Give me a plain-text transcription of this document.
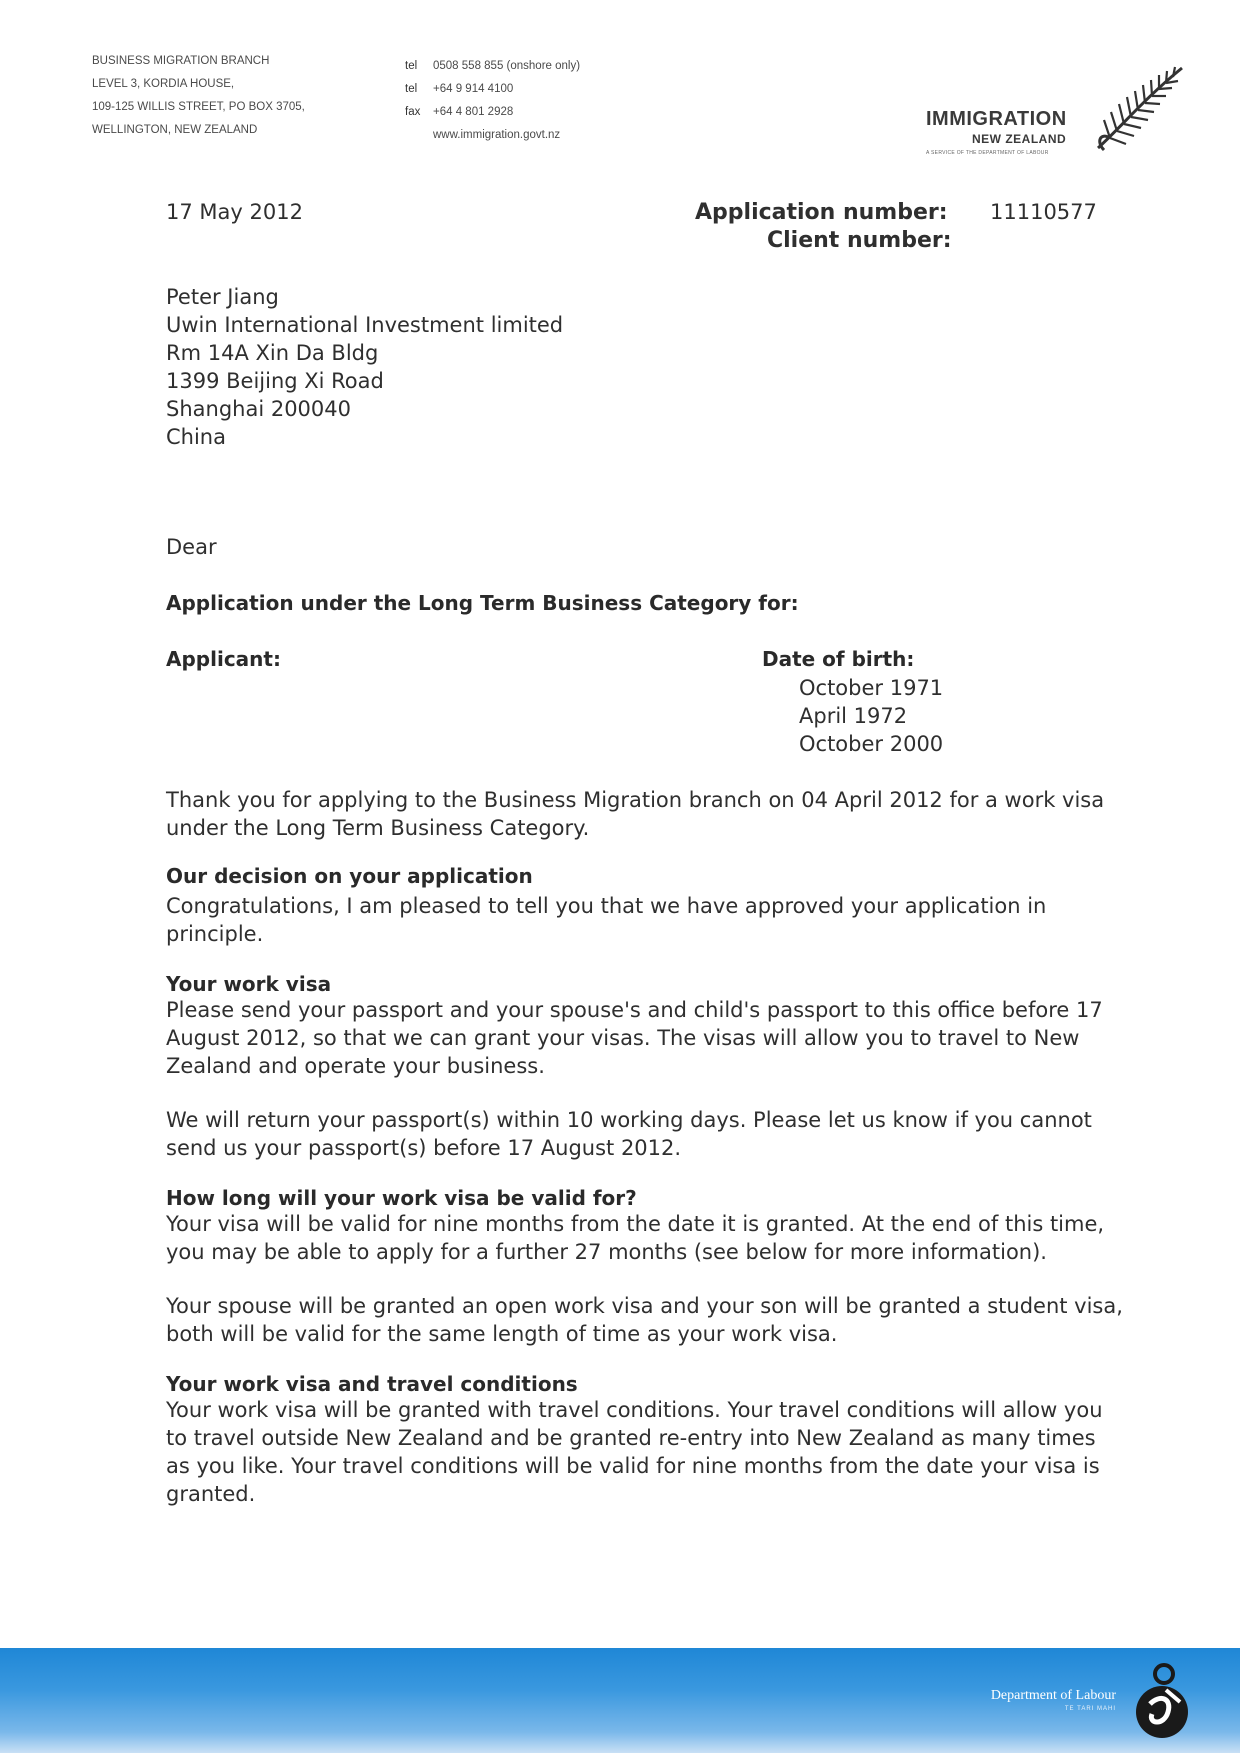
BUSINESS MIGRATION BRANCH
LEVEL 3, KORDIA HOUSE,
109-125 WILLIS STREET, PO BOX 3705,
WELLINGTON, NEW ZEALAND
tel 0508 558 855 (onshore only)
tel +64 9 914 4100
fax +64 4 801 2928
www.immigration.govt.nz
IMMIGRATION
NEW ZEALAND
A SERVICE OF THE DEPARTMENT OF LABOUR
17 May 2012	Application number: 11110577
Client number:
Peter Jiang
Uwin International Investment limited
Rm 14A Xin Da Bldg
1399 Beijing Xi Road
Shanghai 200040
China
Dear
Application under the Long Term Business Category for:
Applicant:	Date of birth:
October 1971
April 1972
October 2000

Thank you for applying to the Business Migration branch on 04 April 2012 for a work visa under the Long Term Business Category.

Our decision on your application

Congratulations, I am pleased to tell you that we have approved your application in principle.

Your work visa

Please send your passport and your spouse's and child's passport to this office before 17 August 2012, so that we can grant your visas. The visas will allow you to travel to New Zealand and operate your business.

We will return your passport(s) within 10 working days. Please let us know if you cannot send us your passport(s) before 17 August 2012.

How long will your work visa be valid for?

Your visa will be valid for nine months from the date it is granted. At the end of this time, you may be able to apply for a further 27 months (see below for more information).

Your spouse will be granted an open work visa and your son will be granted a student visa, both will be valid for the same length of time as your work visa.

Your work visa and travel conditions

Your work visa will be granted with travel conditions. Your travel conditions will allow you to travel outside New Zealand and be granted re-entry into New Zealand as many times as you like. Your travel conditions will be valid for nine months from the date your visa is granted.

Department of Labour
TE TARI MAHI
